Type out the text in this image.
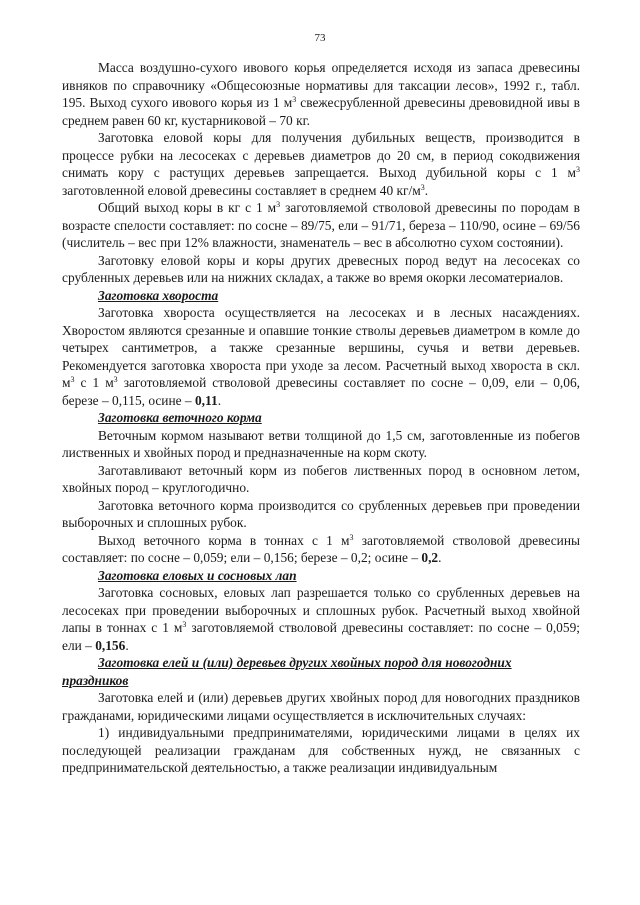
73

Масса воздушно-сухого ивового корья определяется исходя из запаса древесины ивняков по справочнику «Общесоюзные нормативы для таксации лесов», 1992 г., табл. 195. Выход сухого ивового корья из 1 $м^3$ свежесрубленной древесины древовидной ивы в среднем равен 60 кг, кустарниковой – 70 кг.

Заготовка еловой коры для получения дубильных веществ, производится в процессе рубки на лесосеках с деревьев диаметров до 20 см, в период сокодвижения снимать кору с растущих деревьев запрещается. Выход дубильной коры с 1 $м^3$ заготовленной еловой древесины составляет в среднем 40 $кг/м^3$.

Общий выход коры в кг с 1 $м^3$ заготовляемой стволовой древесины по породам в возрасте спелости составляет: по сосне – 89/75, ели – 91/71, береза – 110/90, осине – 69/56 (числитель – вес при 12% влажности, знаменатель – вес в абсолютно сухом состоянии).

Заготовку еловой коры и коры других древесных пород ведут на лесосеках со срубленных деревьев или на нижних складах, а также во время окорки лесоматериалов.

Заготовка хвороста

Заготовка хвороста осуществляется на лесосеках и в лесных насаждениях. Хворостом являются срезанные и опавшие тонкие стволы деревьев диаметром в комле до четырех сантиметров, а также срезанные вершины, сучья и ветви деревьев. Рекомендуется заготовка хвороста при уходе за лесом. Расчетный выход хвороста в скл. $м^3$ с 1 $м^3$ заготовляемой стволовой древесины составляет по сосне – 0,09, ели – 0,06, березе – 0,115, осине – 0,11.

Заготовка веточного корма

Веточным кормом называют ветви толщиной до 1,5 см, заготовленные из побегов лиственных и хвойных пород и предназначенные на корм скоту.

Заготавливают веточный корм из побегов лиственных пород в основном летом, хвойных пород – круглогодично.

Заготовка веточного корма производится со срубленных деревьев при проведении выборочных и сплошных рубок.

Выход веточного корма в тоннах с 1 $м^3$ заготовляемой стволовой древесины составляет: по сосне – 0,059; ели – 0,156; березе – 0,2; осине – 0,2.

Заготовка еловых и сосновых лап

Заготовка сосновых, еловых лап разрешается только со срубленных деревьев на лесосеках при проведении выборочных и сплошных рубок. Расчетный выход хвойной лапы в тоннах с 1 $м^3$ заготовляемой стволовой древесины составляет: по сосне – 0,059; ели – 0,156.

Заготовка елей и (или) деревьев других хвойных пород для новогодних праздников

Заготовка елей и (или) деревьев других хвойных пород для новогодних праздников гражданами, юридическими лицами осуществляется в исключительных случаях:

1) индивидуальными предпринимателями, юридическими лицами в целях их последующей реализации гражданам для собственных нужд, не связанных с предпринимательской деятельностью, а также реализации индивидуальным
